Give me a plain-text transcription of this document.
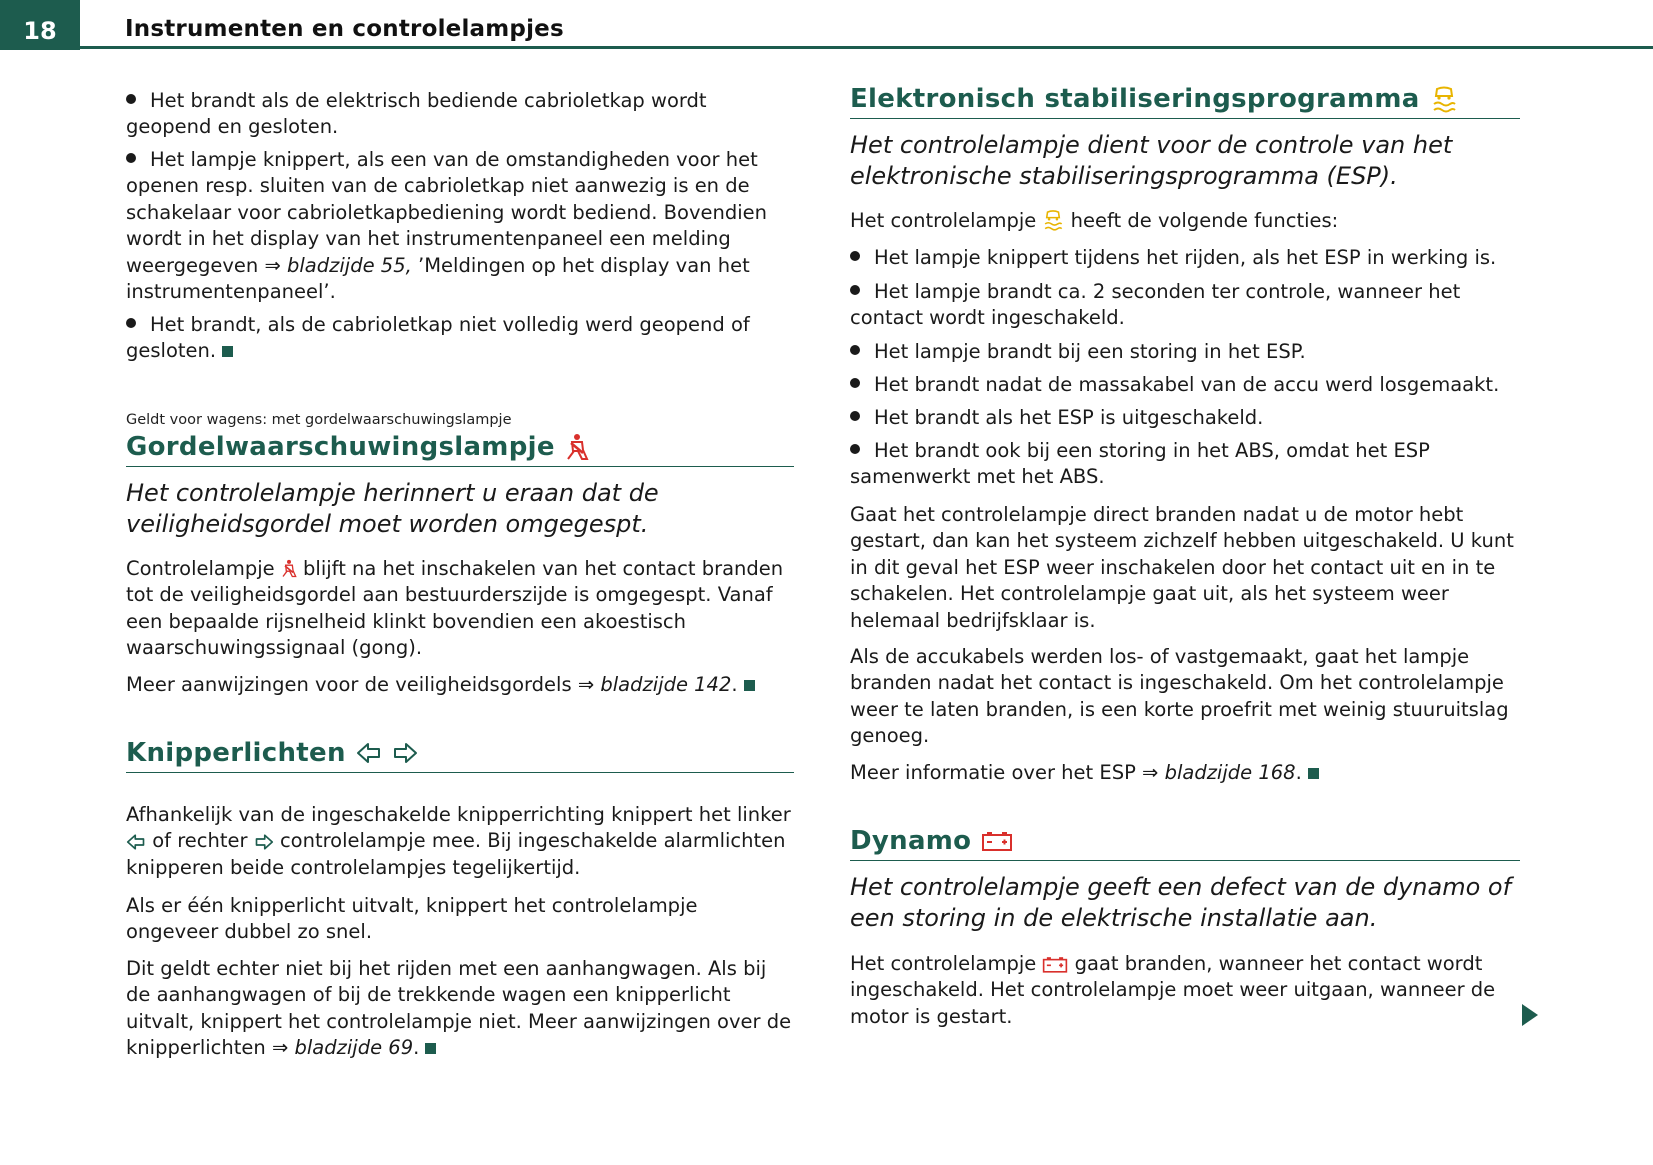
18	Instrumenten en controlelampjes

Het brandt als de elektrisch bediende cabrioletkap wordt geopend en gesloten.

Het lampje knippert, als een van de omstandigheden voor het openen resp. sluiten van de cabrioletkap niet aanwezig is en de schakelaar voor cabrioletkapbediening wordt bediend. Bovendien wordt in het display van het instrumentenpaneel een melding weergegeven ⇒ bladzijde 55, ’Meldingen op het display van het instrumentenpaneel’.

Het brandt, als de cabrioletkap niet volledig werd geopend of gesloten.

Geldt voor wagens: met gordelwaarschuwingslampje
Gordelwaarschuwingslampje

Het controlelampje herinnert u eraan dat de veiligheidsgordel moet worden omgegespt.

Controlelampje blijft na het inschakelen van het contact branden tot de veiligheidsgordel aan bestuurderszijde is omgegespt. Vanaf een bepaalde rijsnelheid klinkt bovendien een akoestisch waarschuwingssignaal (gong).

Meer aanwijzingen voor de veiligheidsgordels ⇒ bladzijde 142.

Knipperlichten

Afhankelijk van de ingeschakelde knipperrichting knippert het linker  of rechter controlelampje mee. Bij ingeschakelde alarmlichten knipperen beide controlelampjes tegelijkertijd.

Als er één knipperlicht uitvalt, knippert het controlelampje ongeveer dubbel zo snel.

Dit geldt echter niet bij het rijden met een aanhangwagen. Als bij de aanhangwagen of bij de trekkende wagen een knipperlicht uitvalt, knippert het controlelampje niet. Meer aanwijzingen over de knipperlichten ⇒ bladzijde 69.

Elektronisch stabiliseringsprogramma

Het controlelampje dient voor de controle van het elektronische stabiliseringsprogramma (ESP).

Het controlelampje heeft de volgende functies:

Het lampje knippert tijdens het rijden, als het ESP in werking is.

Het lampje brandt ca. 2 seconden ter controle, wanneer het contact wordt ingeschakeld.

Het lampje brandt bij een storing in het ESP.

Het brandt nadat de massakabel van de accu werd losgemaakt.

Het brandt als het ESP is uitgeschakeld.

Het brandt ook bij een storing in het ABS, omdat het ESP samenwerkt met het ABS.

Gaat het controlelampje direct branden nadat u de motor hebt gestart, dan kan het systeem zichzelf hebben uitgeschakeld. U kunt in dit geval het ESP weer inschakelen door het contact uit en in te schakelen. Het controlelampje gaat uit, als het systeem weer helemaal bedrijfsklaar is.

Als de accukabels werden los- of vastgemaakt, gaat het lampje branden nadat het contact is ingeschakeld. Om het controlelampje weer te laten branden, is een korte proefrit met weinig stuuruitslag genoeg.

Meer informatie over het ESP ⇒ bladzijde 168.

Dynamo

Het controlelampje geeft een defect van de dynamo of een storing in de elektrische installatie aan.

Het controlelampje gaat branden, wanneer het contact wordt ingeschakeld. Het controlelampje moet weer uitgaan, wanneer de motor is gestart.
